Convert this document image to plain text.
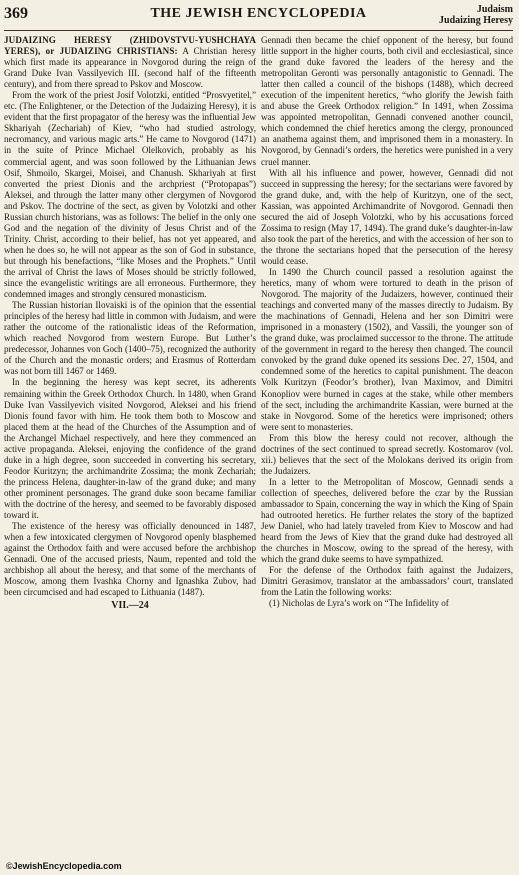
369	THE JEWISH ENCYCLOPEDIA	Judaism
Judaizing Heresy

JUDAIZING HERESY (ZHIDOVSTVU-YUSHCHAYA YERES), or JUDAIZING CHRISTIANS: A Christian heresy which first made its appearance in Novgorod during the reign of Grand Duke Ivan Vassilyevich III. (second half of the fifteenth century), and from there spread to Pskov and Moscow.

From the work of the priest Josif Volotzki, entitled “Prosvyetitel,” etc. (The Enlightener, or the Detection of the Judaizing Heresy), it is evident that the first propagator of the heresy was the influential Jew Skhariyah (Zechariah) of Kiev, “who had studied astrology, necromancy, and various magic arts.” He came to Novgorod (1471) in the suite of Prince Michael Olelkovich, probably as his commercial agent, and was soon followed by the Lithuanian Jews Osif, Shmoilo, Skargei, Moisei, and Chanush. Skhariyah at first converted the priest Dionis and the archpriest (“Protopapas”) Aleksei, and through the latter many other clergymen of Novgorod and Pskov. The doctrine of the sect, as given by Volotzki and other Russian church historians, was as follows: The belief in the only one God and the negation of the divinity of Jesus Christ and of the Trinity. Christ, according to their belief, has not yet appeared, and when he does so, he will not appear as the son of God in substance, but through his benefactions, “like Moses and the Prophets.” Until the arrival of Christ the laws of Moses should be strictly followed, since the evangelistic writings are all erroneous. Furthermore, they condemned images and strongly censured monasticism.

The Russian historian Ilovaiski is of the opinion that the essential principles of the heresy had little in common with Judaism, and were rather the outcome of the rationalistic ideas of the Reformation, which reached Novgorod from western Europe. But Luther’s predecessor, Johannes von Goch (1400–75), recognized the authority of the Church and the monastic orders; and Erasmus of Rotterdam was not born till 1467 or 1469.

In the beginning the heresy was kept secret, its adherents remaining within the Greek Orthodox Church. In 1480, when Grand Duke Ivan Vassilyevich visited Novgorod, Aleksei and his friend Dionis found favor with him. He took them both to Moscow and placed them at the head of the Churches of the Assumption and of the Archangel Michael respectively, and here they commenced an active propaganda. Aleksei, enjoying the confidence of the grand duke in a high degree, soon succeeded in converting his secretary, Feodor Kuritzyn; the archimandrite Zossima; the monk Zechariah; the princess Helena, daughter-in-law of the grand duke; and many other prominent personages. The grand duke soon became familiar with the doctrine of the heresy, and seemed to be favorably disposed toward it.

The existence of the heresy was officially denounced in 1487, when a few intoxicated clergymen of Novgorod openly blasphemed against the Orthodox faith and were accused before the archbishop Gennadi. One of the accused priests, Naum, repented and told the archbishop all about the heresy, and that some of the merchants of Moscow, among them Ivashka Chorny and Ignashka Zubov, had been circumcised and had escaped to Lithuania (1487).

VII.—24

Gennadi then became the chief opponent of the heresy, but found little support in the higher courts, both civil and ecclesiastical, since the grand duke favored the leaders of the heresy and the metropolitan Geronti was personally antagonistic to Gennadi. The latter then called a council of the bishops (1488), which decreed execution of the impenitent heretics, “who glorify the Jewish faith and abuse the Greek Orthodox religion.” In 1491, when Zossima was appointed metropolitan, Gennadi convened another council, which condemned the chief heretics among the clergy, pronounced an anathema against them, and imprisoned them in a monastery. In Novgorod, by Gennadi’s orders, the heretics were punished in a very cruel manner.

With all his influence and power, however, Gennadi did not succeed in suppressing the heresy; for the sectarians were favored by the grand duke, and, with the help of Kuritzyn, one of the sect, Kassian, was appointed Archimandrite of Novgorod. Gennadi then secured the aid of Joseph Volotzki, who by his accusations forced Zossima to resign (May 17, 1494). The grand duke’s daughter-in-law also took the part of the heretics, and with the accession of her son to the throne the sectarians hoped that the persecution of the heresy would cease.

In 1490 the Church council passed a resolution against the heretics, many of whom were tortured to death in the prison of Novgorod. The majority of the Judaizers, however, continued their teachings and converted many of the masses directly to Judaism. By the machinations of Gennadi, Helena and her son Dimitri were imprisoned in a monastery (1502), and Vassili, the younger son of the grand duke, was proclaimed successor to the throne. The attitude of the government in regard to the heresy then changed. The council convoked by the grand duke opened its sessions Dec. 27, 1504, and condemned some of the heretics to capital punishment. The deacon Volk Kuritzyn (Feodor’s brother), Ivan Maximov, and Dimitri Konopliov were burned in cages at the stake, while other members of the sect, including the archimandrite Kassian, were burned at the stake in Novgorod. Some of the heretics were imprisoned; others were sent to monasteries.

From this blow the heresy could not recover, although the doctrines of the sect continued to spread secretly. Kostomarov (vol. xii.) believes that the sect of the Molokans derived its origin from the Judaizers.

In a letter to the Metropolitan of Moscow, Gennadi sends a collection of speeches, delivered before the czar by the Russian ambassador to Spain, concerning the way in which the King of Spain had outrooted heretics. He further relates the story of the baptized Jew Daniel, who had lately traveled from Kiev to Moscow and had heard from the Jews of Kiev that the grand duke had destroyed all the churches in Moscow, owing to the spread of the heresy, with which the grand duke seems to have sympathized.

For the defense of the Orthodox faith against the Judaizers, Dimitri Gerasimov, translator at the ambassadors’ court, translated from the Latin the following works:

(1) Nicholas de Lyra’s work on “The Infidelity of

©JewishEncyclopedia.com
